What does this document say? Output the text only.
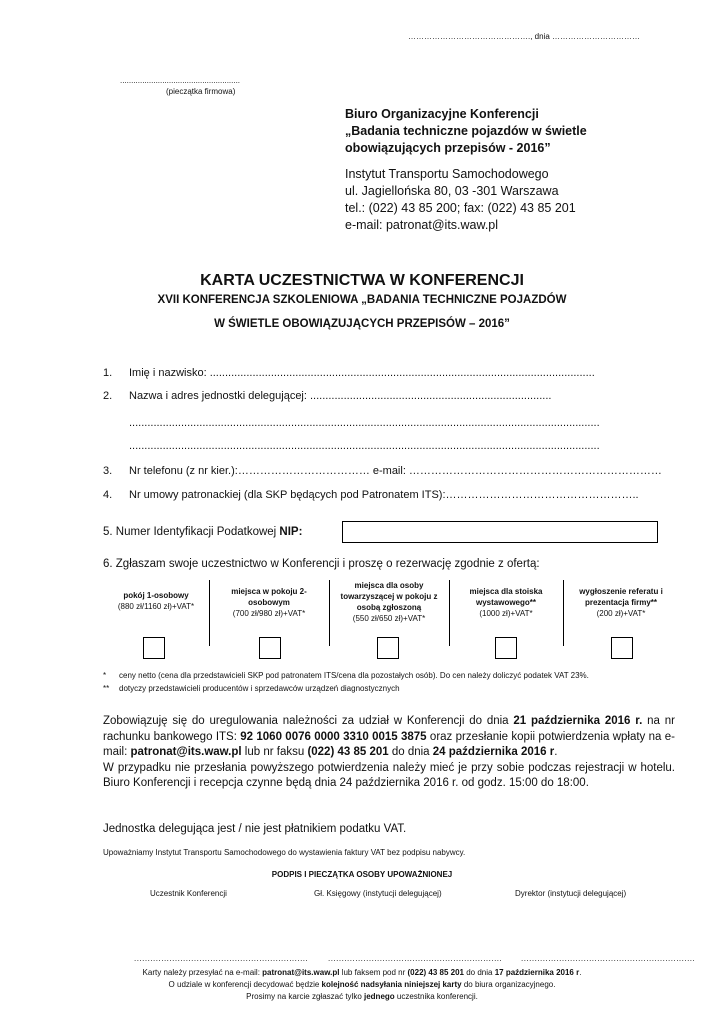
………………………………………., dnia ……………………………
......................................................
(pieczątka firmowa)
Biuro Organizacyjne Konferencji
„Badania techniczne pojazdów w świetle
obowiązujących przepisów - 2016”
Instytut Transportu Samochodowego
ul. Jagiellońska 80, 03 -301 Warszawa
tel.: (022) 43 85 200; fax: (022) 43 85 201
e-mail: patronat@its.waw.pl
KARTA UCZESTNICTWA W KONFERENCJI
XVII KONFERENCJA SZKOLENIOWA „BADANIA TECHNICZNE POJAZDÓW
W ŚWIETLE OBOWIĄZUJĄCYCH PRZEPISÓW – 2016”
1. Imię i nazwisko: ..............................................................................................................................
2. Nazwa i adres jednostki delegującej: ...............................................................................
..........................................................................................................................................................
..........................................................................................................................................................
3. Nr telefonu (z nr kier.):……………………………… e-mail: ……………………………………………………………
4. Nr umowy patronackiej (dla SKP będących pod Patronatem ITS):……………………………………………..
5. Numer Identyfikacji Podatkowej NIP:
6. Zgłaszam swoje uczestnictwo w Konferencji i proszę o rezerwację zgodnie z ofertą:
pokój 1-osobowy
(880 zł/1160 zł)+VAT*
miejsca w pokoju 2-osobowym
(700 zł/980 zł)+VAT*
miejsca dla osoby towarzyszącej w pokoju z osobą zgłoszoną
(550 zł/650 zł)+VAT*
miejsca dla stoiska wystawowego**
(1000 zł)+VAT*
wygłoszenie referatu i prezentacja firmy**
(200 zł)+VAT*
* ceny netto (cena dla przedstawicieli SKP pod patronatem ITS/cena dla pozostałych osób). Do cen należy doliczyć podatek VAT 23%.
** dotyczy przedstawicieli producentów i sprzedawców urządzeń diagnostycznych
Zobowiązuję się do uregulowania należności za udział w Konferencji do dnia 21 października 2016 r. na nr rachunku bankowego ITS: 92 1060 0076 0000 3310 0015 3875 oraz przesłanie kopii potwierdzenia wpłaty na e-mail: patronat@its.waw.pl lub nr faksu (022) 43 85 201 do dnia 24 października 2016 r.
W przypadku nie przesłania powyższego potwierdzenia należy mieć je przy sobie podczas rejestracji w hotelu. Biuro Konferencji i recepcja czynne będą dnia 24 października 2016 r. od godz. 15:00 do 18:00.
Jednostka delegująca jest / nie jest płatnikiem podatku VAT.
Upoważniamy Instytut Transportu Samochodowego do wystawienia faktury VAT bez podpisu nabywcy.
PODPIS I PIECZĄTKA OSOBY UPOWAŻNIONEJ
Uczestnik Konferencji	Gł. Księgowy (instytucji delegującej)	Dyrektor (instytucji delegującej)
................................................................ ................................................................ ................................................................
Karty należy przesyłać na e-mail: patronat@its.waw.pl lub faksem pod nr (022) 43 85 201 do dnia 17 października 2016 r.
O udziale w konferencji decydować będzie kolejność nadsyłania niniejszej karty do biura organizacyjnego.
Prosimy na karcie zgłaszać tylko jednego uczestnika konferencji.
